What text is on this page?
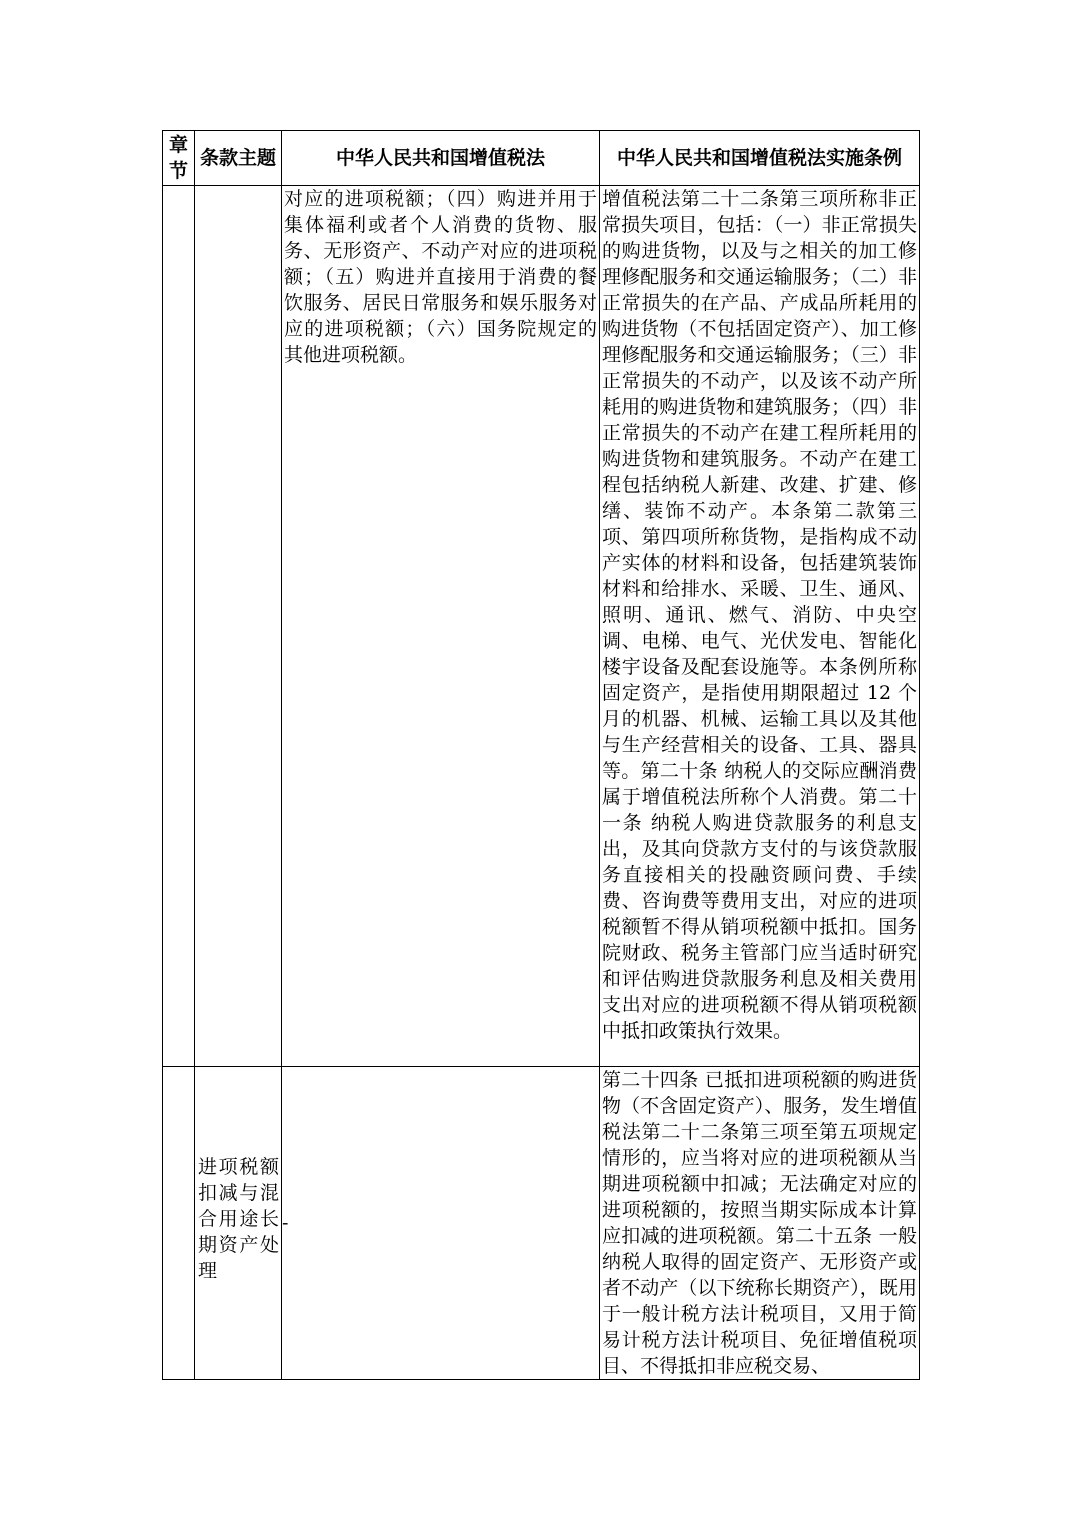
章节	条款主题	中华人民共和国增值税法	中华人民共和国增值税法实施条例

		对应的进项税额；（四）购进并用于集体福利或者个人消费的货物、服务、无形资产、不动产对应的进项税额；（五）购进并直接用于消费的餐饮服务、居民日常服务和娱乐服务对应的进项税额；（六）国务院规定的其他进项税额。	增值税法第二十二条第三项所称非正常损失项目，包括：（一）非正常损失的购进货物，以及与之相关的加工修理修配服务和交通运输服务；（二）非正常损失的在产品、产成品所耗用的购进货物（不包括固定资产）、加工修理修配服务和交通运输服务；（三）非正常损失的不动产，以及该不动产所耗用的购进货物和建筑服务；（四）非正常损失的不动产在建工程所耗用的购进货物和建筑服务。不动产在建工程包括纳税人新建、改建、扩建、修缮、装饰不动产。本条第二款第三项、第四项所称货物，是指构成不动产实体的材料和设备，包括建筑装饰材料和给排水、采暖、卫生、通风、照明、通讯、燃气、消防、中央空调、电梯、电气、光伏发电、智能化楼宇设备及配套设施等。本条例所称固定资产，是指使用期限超过 12 个月的机器、机械、运输工具以及其他与生产经营相关的设备、工具、器具等。第二十条 纳税人的交际应酬消费属于增值税法所称个人消费。第二十一条 纳税人购进贷款服务的利息支出，及其向贷款方支付的与该贷款服务直接相关的投融资顾问费、手续费、咨询费等费用支出，对应的进项税额暂不得从销项税额中抵扣。国务院财政、税务主管部门应当适时研究和评估购进贷款服务利息及相关费用支出对应的进项税额不得从销项税额中抵扣政策执行效果。

	进项税额扣减与混合用途长期资产处理	-	第二十四条 已抵扣进项税额的购进货物（不含固定资产）、服务，发生增值税法第二十二条第三项至第五项规定情形的，应当将对应的进项税额从当期进项税额中扣减；无法确定对应的进项税额的，按照当期实际成本计算应扣减的进项税额。第二十五条 一般纳税人取得的固定资产、无形资产或者不动产（以下统称长期资产），既用于一般计税方法计税项目，又用于简易计税方法计税项目、免征增值税项目、不得抵扣非应税交易、
